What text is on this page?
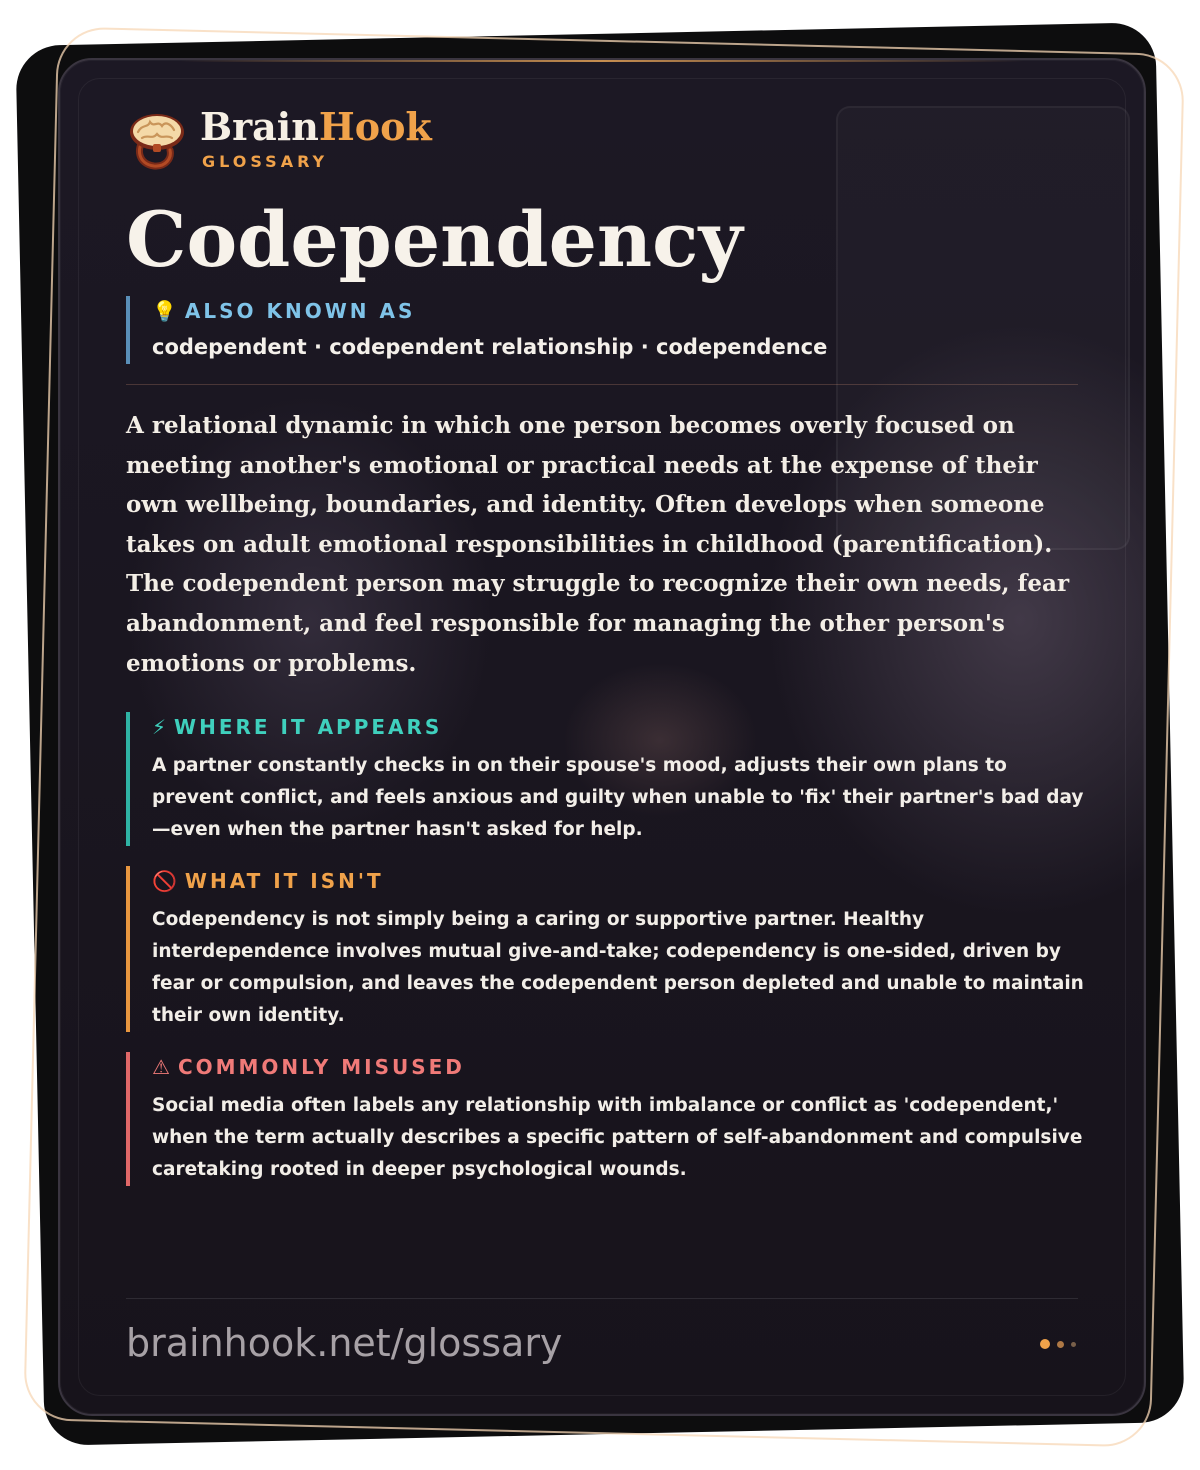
BrainHook
GLOSSARY
Codependency
💡 ALSO KNOWN AS
codependent · codependent relationship · codependence
A relational dynamic in which one person becomes overly focused on meeting another's emotional or practical needs at the expense of their own wellbeing, boundaries, and identity. Often develops when someone takes on adult emotional responsibilities in childhood (parentification). The codependent person may struggle to recognize their own needs, fear abandonment, and feel responsible for managing the other person's emotions or problems.
⚡ WHERE IT APPEARS
A partner constantly checks in on their spouse's mood, adjusts their own plans to prevent conflict, and feels anxious and guilty when unable to 'fix' their partner's bad day—even when the partner hasn't asked for help.
🚫 WHAT IT ISN'T
Codependency is not simply being a caring or supportive partner. Healthy interdependence involves mutual give-and-take; codependency is one-sided, driven by fear or compulsion, and leaves the codependent person depleted and unable to maintain their own identity.
⚠ COMMONLY MISUSED
Social media often labels any relationship with imbalance or conflict as 'codependent,' when the term actually describes a specific pattern of self-abandonment and compulsive caretaking rooted in deeper psychological wounds.
brainhook.net/glossary
